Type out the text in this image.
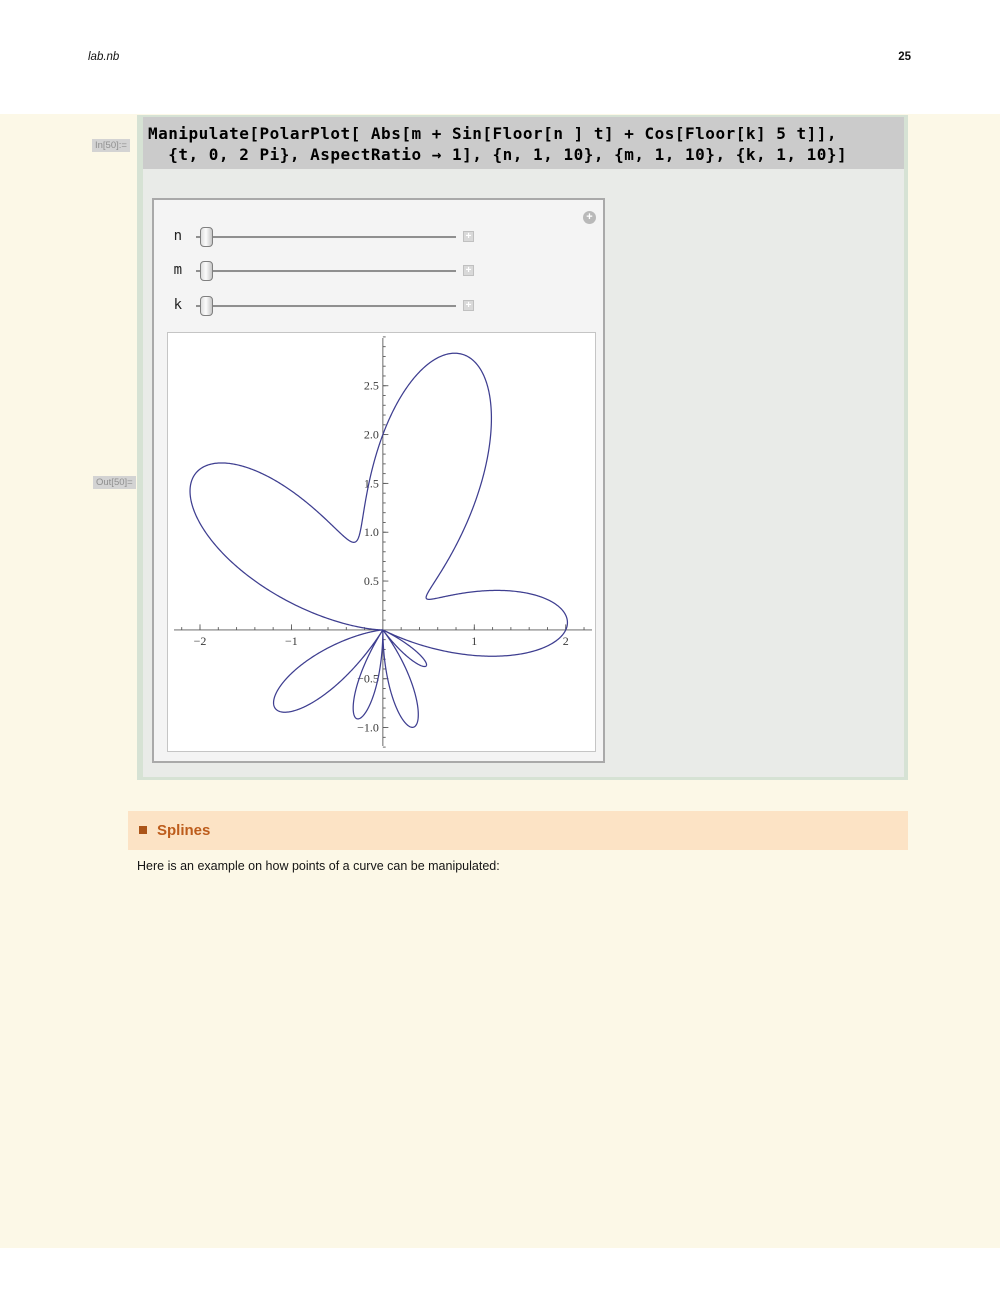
lab.nb	25
Manipulate[PolarPlot[ Abs[m + Sin[Floor[n ] t] + Cos[Floor[k] 5 t]],
{t, 0, 2 Pi}, AspectRatio → 1], {n, 1, 10}, {m, 1, 10}, {k, 1, 10}]
In[50]:=
Out[50]=
+
n	+
m	+
k	+
−2	−1	1	2
−1.0
−0.5
0.5
1.0
1.5
2.0
2.5
Splines
Here is an example on how points of a curve can be manipulated:
